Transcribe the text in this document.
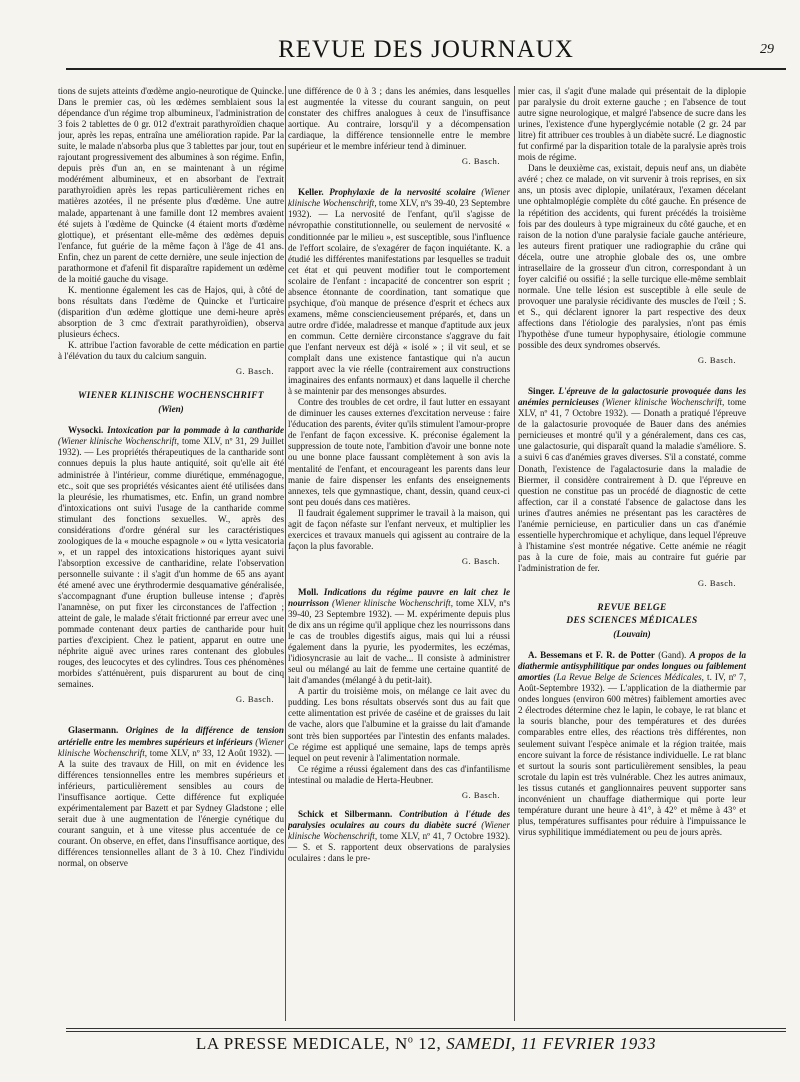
REVUE DES JOURNAUX	29

tions de sujets atteints d'œdème angio-neurotique de Quincke. Dans le premier cas, où les œdèmes semblaient sous la dépendance d'un régime trop albumineux, l'administration de 3 fois 2 tablettes de 0 gr. 012 d'extrait parathyroïdien chaque jour, après les repas, entraîna une amélioration rapide. Par la suite, le malade n'absorba plus que 3 tablettes par jour, tout en rajoutant progressivement des albumines à son régime. Enfin, depuis près d'un an, en se maintenant à un régime modérément albumineux, et en absorbant de l'extrait parathyroïdien après les repas particulièrement riches en matières azotées, il ne présente plus d'œdème. Une autre malade, appartenant à une famille dont 12 membres avaient été sujets à l'œdème de Quincke (4 étaient morts d'œdème glottique), et présentant elle-même des œdèmes depuis l'enfance, fut guérie de la même façon à l'âge de 41 ans. Enfin, chez un parent de cette dernière, une seule injection de parathormone et d'afenil fit disparaître rapidement un œdème de la moitié gauche du visage.

K. mentionne également les cas de Hajos, qui, à côté de bons résultats dans l'œdème de Quincke et l'urticaire (disparition d'un œdème glottique une demi-heure après absorption de 3 cmc d'extrait parathyroïdien), observa plusieurs échecs.

K. attribue l'action favorable de cette médication en partie à l'élévation du taux du calcium sanguin.

G. Basch.
WIENER KLINISCHE WOCHENSCHRIFT
(Wien)

Wysocki. Intoxication par la pommade à la cantharide (Wiener klinische Wochenschrift, tome XLV, nº 31, 29 Juillet 1932). — Les propriétés thérapeutiques de la cantharide sont connues depuis la plus haute antiquité, soit qu'elle ait été administrée à l'intérieur, comme diurétique, emménagogue, etc., soit que ses propriétés vésicantes aient été utilisées dans la pleurésie, les rhumatismes, etc. Enfin, un grand nombre d'intoxications ont suivi l'usage de la cantharide comme stimulant des fonctions sexuelles. W., après des considérations d'ordre général sur les caractéristiques zoologiques de la « mouche espagnole » ou « lytta vesicatoria », et un rappel des intoxications historiques ayant suivi l'absorption excessive de cantharidine, relate l'observation personnelle suivante : il s'agit d'un homme de 65 ans ayant été amené avec une érythrodermie desquamative généralisée, s'accompagnant d'une éruption bulleuse intense ; d'après l'anamnèse, on put fixer les circonstances de l'affection ; atteint de gale, le malade s'était frictionné par erreur avec une pommade contenant deux parties de cantharide pour huit parties d'excipient. Chez le patient, apparut en outre une néphrite aiguë avec urines rares contenant des globules rouges, des leucocytes et des cylindres. Tous ces phénomènes morbides s'atténuèrent, puis disparurent au bout de cinq semaines.

G. Basch.

Glasermann. Origines de la différence de tension artérielle entre les membres supérieurs et inférieurs (Wiener klinische Wochenschrift, tome XLV, nº 33, 12 Août 1932). — A la suite des travaux de Hill, on mit en évidence les différences tensionnelles entre les membres supérieurs et inférieurs, particulièrement sensibles au cours de l'insuffisance aortique. Cette différence fut expliquée expérimentalement par Bazett et par Sydney Gladstone ; elle serait due à une augmentation de l'énergie cynétique du courant sanguin, et à une vitesse plus accentuée de ce courant. On observe, en effet, dans l'insuffisance aortique, des différences tensionnelles allant de 3 à 10. Chez l'individu normal, on observe

une différence de 0 à 3 ; dans les anémies, dans lesquelles est augmentée la vitesse du courant sanguin, on peut constater des chiffres analogues à ceux de l'insuffisance aortique. Au contraire, lorsqu'il y a décompensation cardiaque, la différence tensionnelle entre le membre supérieur et le membre inférieur tend à diminuer.

G. Basch.

Keller. Prophylaxie de la nervosité scolaire (Wiener klinische Wochenschrift, tome XLV, nºs 39-40, 23 Septembre 1932). — La nervosité de l'enfant, qu'il s'agisse de névropathie constitutionnelle, ou seulement de nervosité « conditionnée par le milieu », est susceptible, sous l'influence de l'effort scolaire, de s'exagérer de façon inquiétante. K. a étudié les différentes manifestations par lesquelles se traduit cet état et qui peuvent modifier tout le comportement scolaire de l'enfant : incapacité de concentrer son esprit ; absence étonnante de coordination, tant somatique que psychique, d'où manque de présence d'esprit et échecs aux examens, même consciencieusement préparés, et, dans un autre ordre d'idée, maladresse et manque d'aptitude aux jeux en commun. Cette dernière circonstance s'aggrave du fait que l'enfant nerveux est déjà « isolé » ; il vit seul, et se complaît dans une existence fantastique qui n'a aucun rapport avec la vie réelle (contrairement aux constructions imaginaires des enfants normaux) et dans laquelle il cherche à se maintenir par des mensonges absurdes.

Contre des troubles de cet ordre, il faut lutter en essayant de diminuer les causes externes d'excitation nerveuse : faire l'éducation des parents, éviter qu'ils stimulent l'amour-propre de l'enfant de façon excessive. K. préconise également la suppression de toute note, l'ambition d'avoir une bonne note ou une bonne place faussant complètement à son avis la mentalité de l'enfant, et encourageant les parents dans leur manie de faire dispenser les enfants des enseignements annexes, tels que gymnastique, chant, dessin, quand ceux-ci sont peu doués dans ces matières.

Il faudrait également supprimer le travail à la maison, qui agit de façon néfaste sur l'enfant nerveux, et multiplier les exercices et travaux manuels qui agissent au contraire de la façon la plus favorable.

G. Basch.

Moll. Indications du régime pauvre en lait chez le nourrisson (Wiener klinische Wochenschrift, tome XLV, nºs 39-40, 23 Septembre 1932). — M. expérimente depuis plus de dix ans un régime qu'il applique chez les nourrissons dans le cas de troubles digestifs aigus, mais qui lui a réussi également dans la pyurie, les pyodermites, les eczémas, l'idiosyncrasie au lait de vache... Il consiste à administrer seul ou mélangé au lait de femme une certaine quantité de lait d'amandes (mélangé à du petit-lait).

A partir du troisième mois, on mélange ce lait avec du pudding. Les bons résultats observés sont dus au fait que cette alimentation est privée de caséine et de graisses du lait de vache, alors que l'albumine et la graisse du lait d'amande sont très bien supportées par l'intestin des enfants malades. Ce régime est appliqué une semaine, laps de temps après lequel on peut revenir à l'alimentation normale.

Ce régime a réussi également dans des cas d'infantilisme intestinal ou maladie de Herta-Heubner.

G. Basch.

Schick et Silbermann. Contribution à l'étude des paralysies oculaires au cours du diabète sucré (Wiener klinische Wochenschrift, tome XLV, nº 41, 7 Octobre 1932). — S. et S. rapportent deux observations de paralysies oculaires : dans le pre-

mier cas, il s'agit d'une malade qui présentait de la diplopie par paralysie du droit externe gauche ; en l'absence de tout autre signe neurologique, et malgré l'absence de sucre dans les urines, l'existence d'une hyperglycémie notable (2 gr. 24 par litre) fit attribuer ces troubles à un diabète sucré. Le diagnostic fut confirmé par la disparition totale de la paralysie après trois mois de régime.

Dans le deuxième cas, existait, depuis neuf ans, un diabète avéré ; chez ce malade, on vit survenir à trois reprises, en six ans, un ptosis avec diplopie, unilatéraux, l'examen décelant une ophtalmoplégie complète du côté gauche. En présence de la répétition des accidents, qui furent précédés la troisième fois par des douleurs à type migraineux du côté gauche, et en raison de la notion d'une paralysie faciale gauche antérieure, les auteurs firent pratiquer une radiographie du crâne qui décela, outre une atrophie globale des os, une ombre intrasellaire de la grosseur d'un citron, correspondant à un foyer calcifié ou ossifié ; la selle turcique elle-même semblait normale. Une telle lésion est susceptible à elle seule de provoquer une paralysie récidivante des muscles de l'œil ; S. et S., qui déclarent ignorer la part respective des deux affections dans l'étiologie des paralysies, n'ont pas émis l'hypothèse d'une tumeur hypophysaire, étiologie commune possible des deux syndromes observés.

G. Basch.

Singer. L'épreuve de la galactosurie provoquée dans les anémies pernicieuses (Wiener klinische Wochenschrift, tome XLV, nº 41, 7 Octobre 1932). — Donath a pratiqué l'épreuve de la galactosurie provoquée de Bauer dans des anémies pernicieuses et montré qu'il y a généralement, dans ces cas, une galactosurie, qui disparaît quand la maladie s'améliore. S. a suivi 6 cas d'anémies graves diverses. S'il a constaté, comme Donath, l'existence de l'agalactosurie dans la maladie de Biermer, il considère contrairement à D. que l'épreuve en question ne constitue pas un procédé de diagnostic de cette affection, car il a constaté l'absence de galactose dans les urines d'autres anémies ne présentant pas les caractères de l'anémie pernicieuse, en particulier dans un cas d'anémie essentielle hyperchromique et achylique, dans lequel l'épreuve à l'histamine s'est montrée négative. Cette anémie ne réagit pas à la cure de foie, mais au contraire fut guérie par l'administration de fer.

G. Basch.
REVUE BELGE
DES SCIENCES MÉDICALES
(Louvain)

A. Bessemans et F. R. de Potter (Gand). A propos de la diathermie antisyphilitique par ondes longues ou faiblement amorties (La Revue Belge de Sciences Médicales, t. IV, nº 7, Août-Septembre 1932). — L'application de la diathermie par ondes longues (environ 600 mètres) faiblement amorties avec 2 électrodes détermine chez le lapin, le cobaye, le rat blanc et la souris blanche, pour des températures et des durées comparables entre elles, des réactions très différentes, non seulement suivant l'espèce animale et la région traitée, mais encore suivant la force de résistance individuelle. Le rat blanc et surtout la souris sont particulièrement sensibles, la peau scrotale du lapin est très vulnérable. Chez les autres animaux, les tissus cutanés et ganglionnaires peuvent supporter sans inconvénient un chauffage diathermique qui porte leur température durant une heure à 41°, à 42° et même à 43° et plus, températures suffisantes pour réduire à l'impuissance le virus syphilitique immédiatement ou peu de jours après.

LA PRESSE MEDICALE, $N^o$ 12, SAMEDI, 11 FEVRIER 1933
